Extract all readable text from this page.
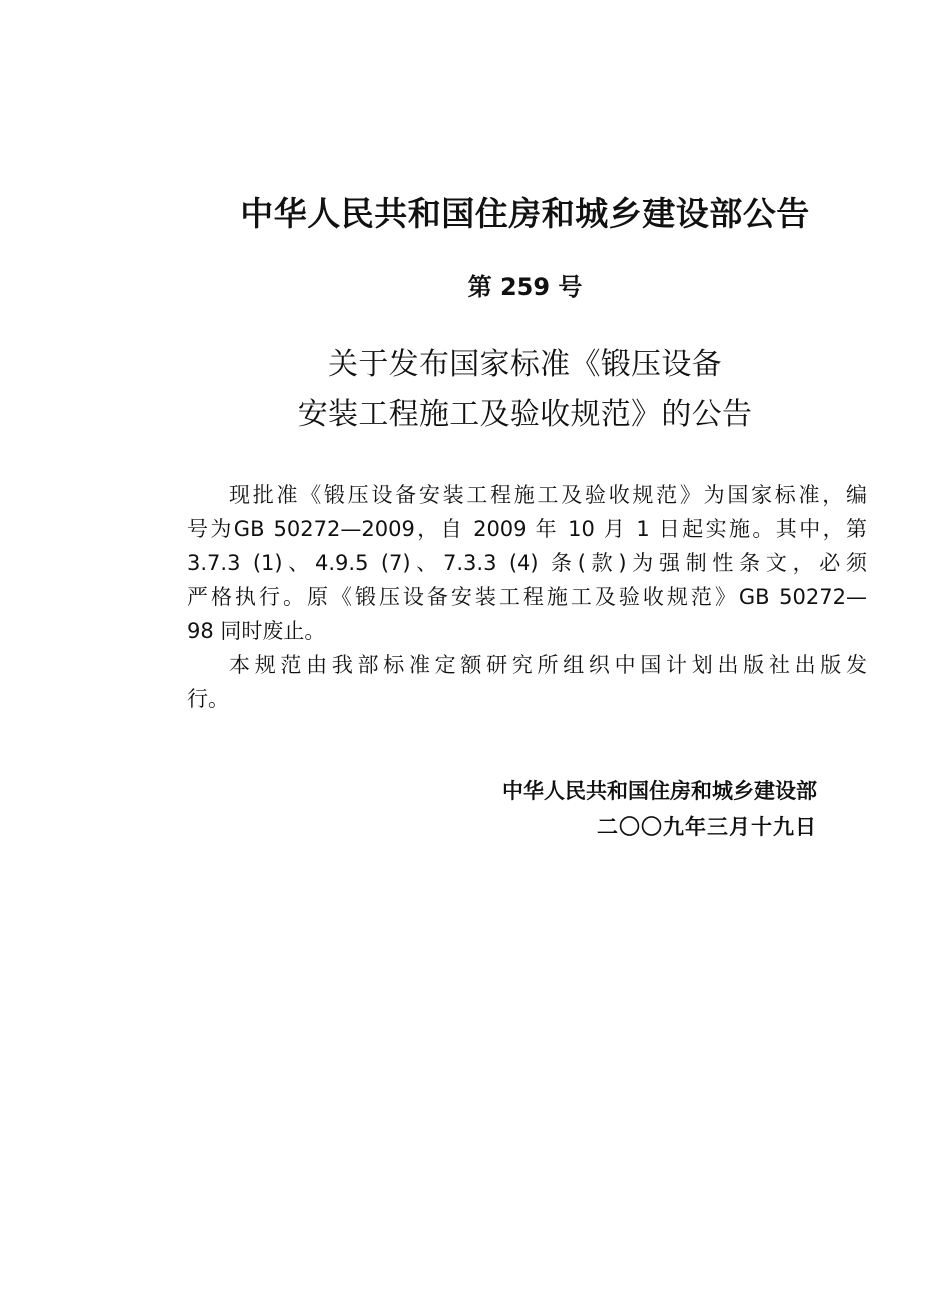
中华人民共和国住房和城乡建设部公告
第 259 号
关于发布国家标准《锻压设备
安装工程施工及验收规范》的公告
现批准《锻压设备安装工程施工及验收规范》为国家标准，编
号为GB 50272—2009，自 2009 年 10 月 1 日起实施。其中，第
3.7.3 (1)、4.9.5 (7)、7.3.3 (4) 条(款)为强制性条文，必须
严格执行。原《锻压设备安装工程施工及验收规范》GB 50272—
98 同时废止。
本规范由我部标准定额研究所组织中国计划出版社出版发
行。
中华人民共和国住房和城乡建设部
二〇〇九年三月十九日
